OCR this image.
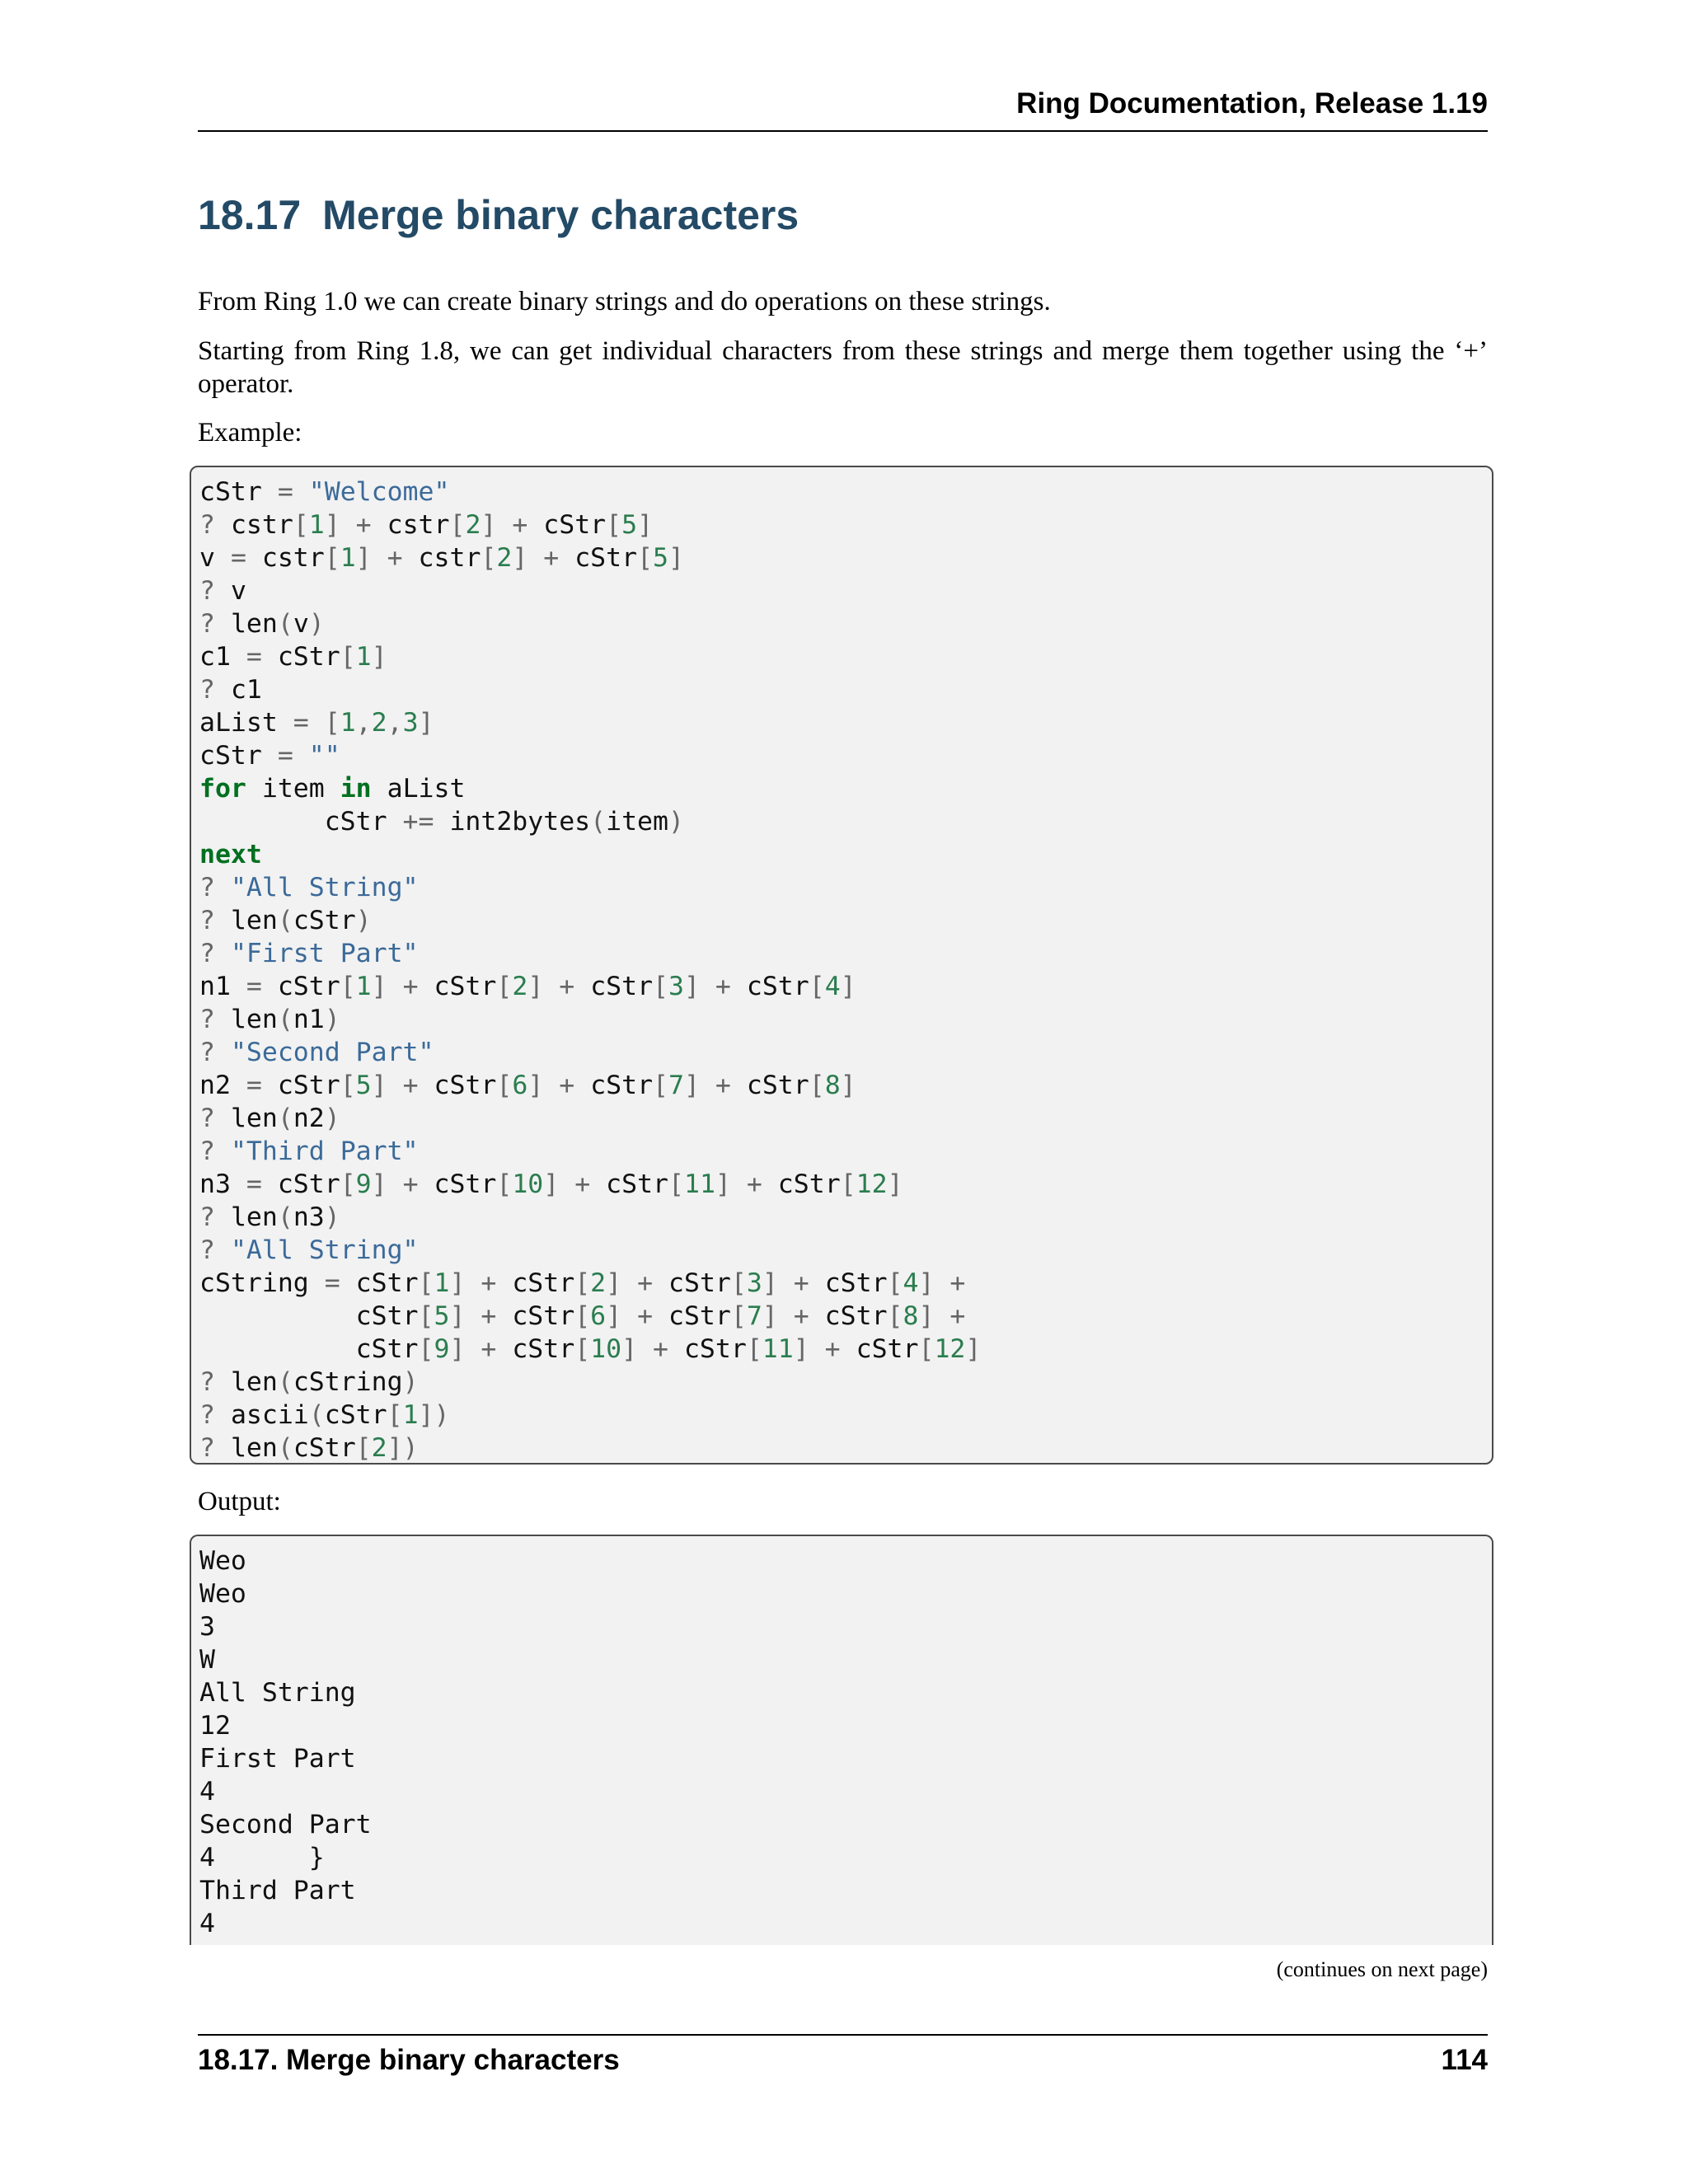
Ring Documentation, Release 1.19
18.17 Merge binary characters

From Ring 1.0 we can create binary strings and do operations on these strings.

Starting from Ring 1.8, we can get individual characters from these strings and merge them together using the ‘+’ operator.

Example:

cStr = "Welcome"
? cstr[1] + cstr[2] + cStr[5]
v = cstr[1] + cstr[2] + cStr[5]
? v
? len(v)
c1 = cStr[1]
? c1
aList = [1,2,3]
cStr = ""
for item in aList
cStr += int2bytes(item)
next
? "All String"
? len(cStr)
? "First Part"
n1 = cStr[1] + cStr[2] + cStr[3] + cStr[4]
? len(n1)
? "Second Part"
n2 = cStr[5] + cStr[6] + cStr[7] + cStr[8]
? len(n2)
? "Third Part"
n3 = cStr[9] + cStr[10] + cStr[11] + cStr[12]
? len(n3)
? "All String"
cString = cStr[1] + cStr[2] + cStr[3] + cStr[4] +
cStr[5] + cStr[6] + cStr[7] + cStr[8] +
cStr[9] + cStr[10] + cStr[11] + cStr[12]
? len(cString)
? ascii(cStr[1])
? len(cStr[2])

Output:

Weo
Weo
3
W
All String
12
First Part
4
Second Part
4      }
Third Part
4
(continues on next page)
18.17. Merge binary characters	114
